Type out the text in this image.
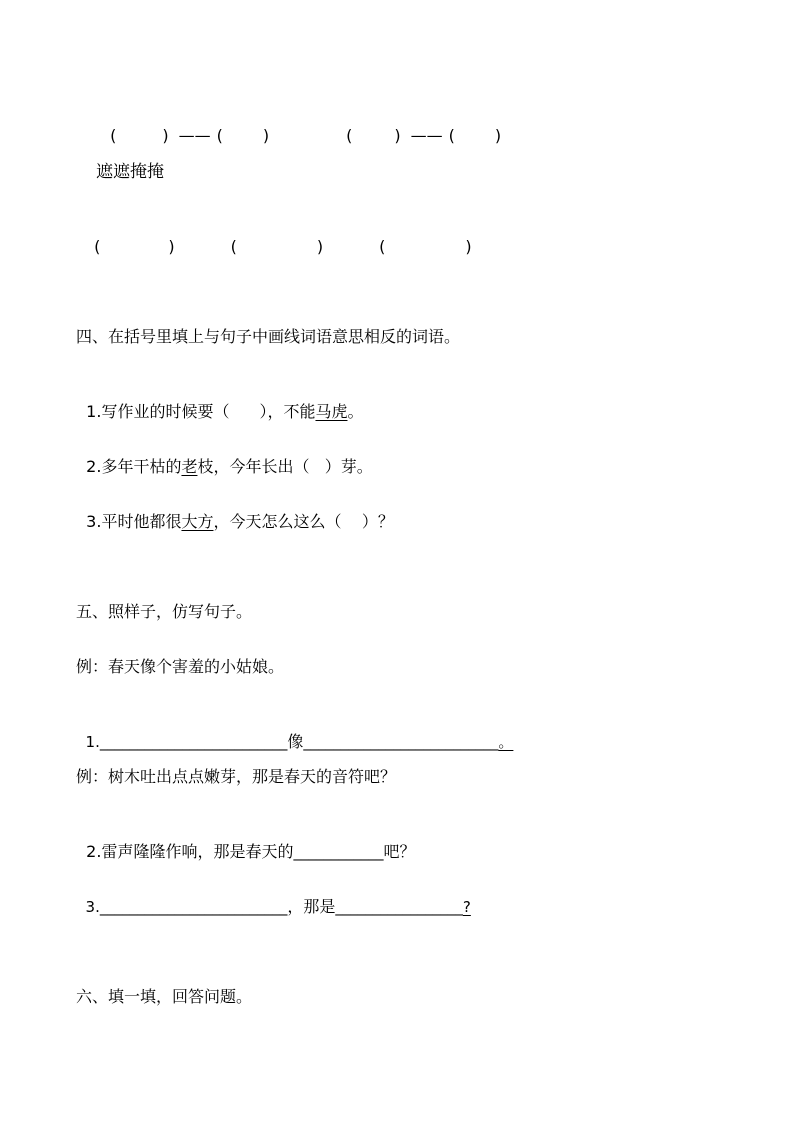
(	) —— (	)	(	) —— (	)

遮遮掩掩

(	)	(	)	(	)

四、在括号里填上与句子中画线词语意思相反的词语。

1.写作业的时候要（ ），不能马虎。

2.多年干枯的老枝，今年长出（   ）芽。

3.平时他都很大方，今天怎么这么（    ）？

五、照样子，仿写句子。
例：春天像个害羞的小姑娘。

1._________________________像__________________________。

例：树木吐出点点嫩芽，那是春天的音符吧？

2.雷声隆隆作响，那是春天的____________吧？

3._________________________，那是_________________?

六、填一填，回答问题。
